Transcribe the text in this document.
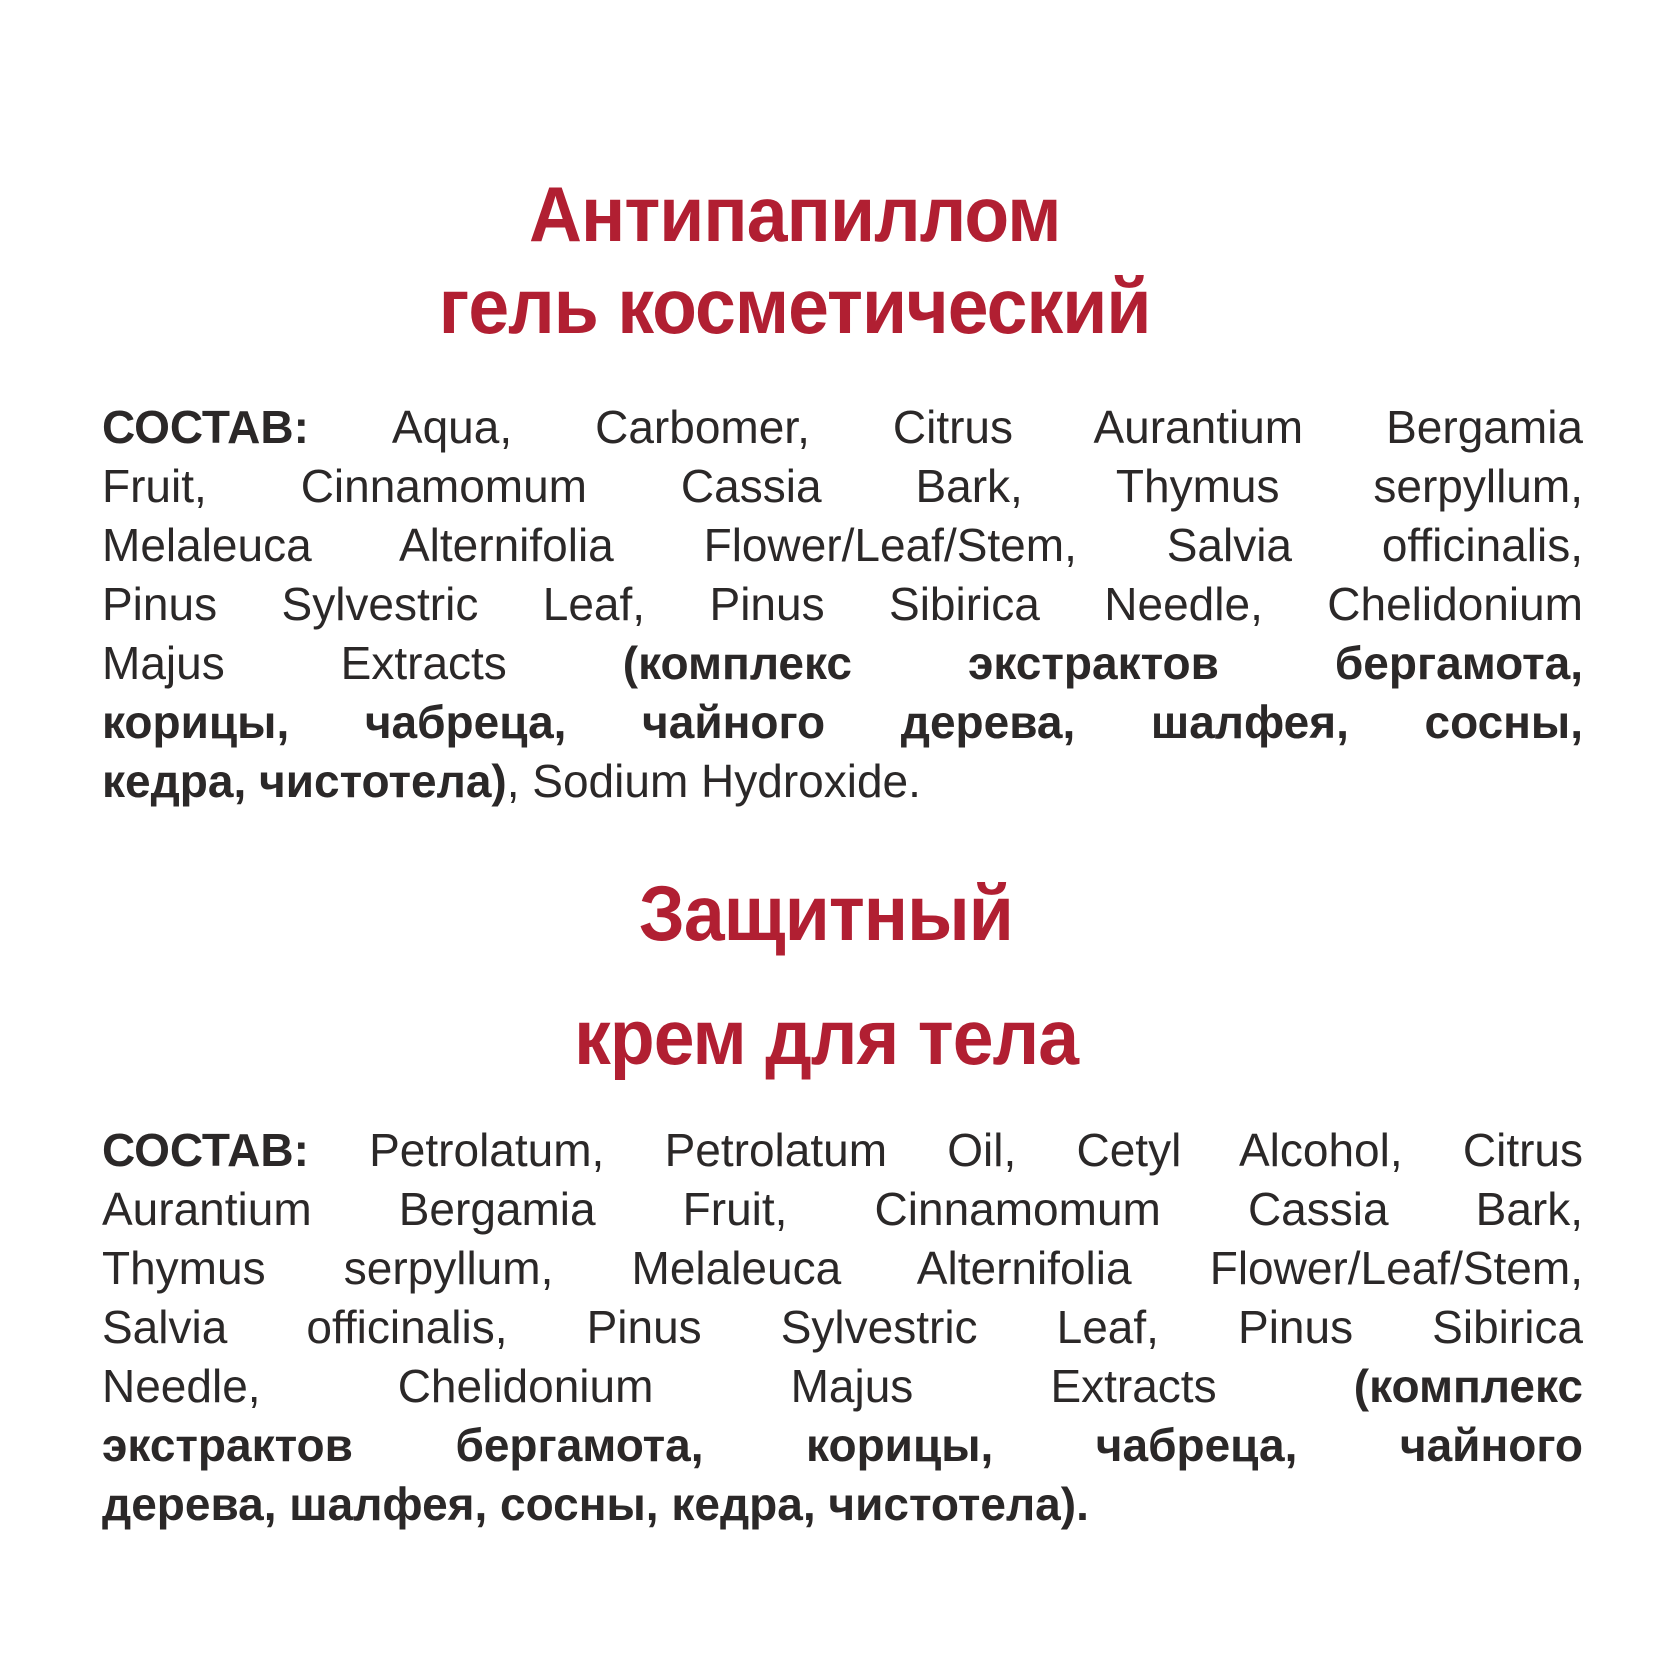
Антипапиллом
гель косметический
СОСТАВ: Aqua, Carbomer, Citrus Aurantium Bergamia
Fruit, Cinnamomum Cassia Bark, Thymus serpyllum,
Melaleuca Alternifolia Flower/Leaf/Stem, Salvia officinalis,
Pinus Sylvestric Leaf, Pinus Sibirica Needle, Chelidonium
Majus Extracts (комплекс экстрактов бергамота,
корицы, чабреца, чайного дерева, шалфея, сосны,
кедра, чистотела), Sodium Hydroxide.
Защитный
крем для тела
СОСТАВ: Petrolatum, Petrolatum Oil, Cetyl Alcohol, Citrus
Aurantium Bergamia Fruit, Cinnamomum Cassia Bark,
Thymus serpyllum, Melaleuca Alternifolia Flower/Leaf/Stem,
Salvia officinalis, Pinus Sylvestric Leaf, Pinus Sibirica
Needle, Chelidonium Majus Extracts (комплекс
экстрактов бергамота, корицы, чабреца, чайного
дерева, шалфея, сосны, кедра, чистотела).
